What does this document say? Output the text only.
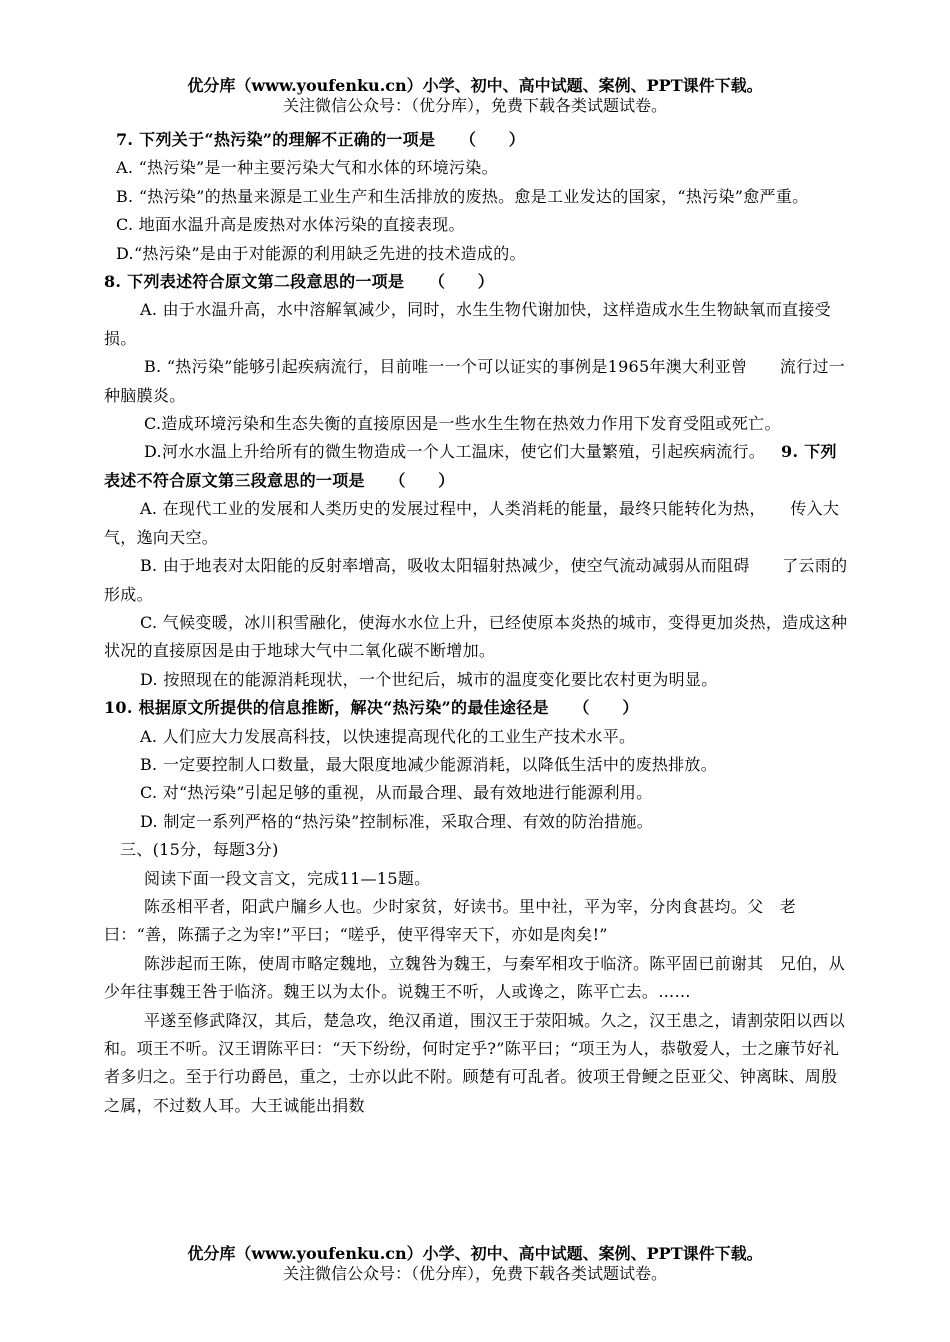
优分库（www.youfenku.cn）小学、初中、高中试题、案例、PPT课件下载。
关注微信公众号：（优分库），免费下载各类试题试卷。

7. 下列关于“热污染”的理解不正确的一项是　　（　　）

A. “热污染”是一种主要污染大气和水体的环境污染。

B. “热污染”的热量来源是工业生产和生活排放的废热。愈是工业发达的国家，“热污染”愈严重。

C. 地面水温升高是废热对水体污染的直接表现。

D.“热污染”是由于对能源的利用缺乏先进的技术造成的。

8. 下列表述符合原文第二段意思的一项是　　（　　）

A. 由于水温升高，水中溶解氧减少，同时，水生生物代谢加快，这样造成水生生物缺氧而直接受损。

B. “热污染”能够引起疾病流行，目前唯一一个可以证实的事例是1965年澳大利亚曾　　流行过一种脑膜炎。

C.造成环境污染和生态失衡的直接原因是一些水生生物在热效力作用下发育受阻或死亡。

D.河水水温上升给所有的微生物造成一个人工温床，使它们大量繁殖，引起疾病流行。 9. 下列表述不符合原文第三段意思的一项是　　（　　）

A. 在现代工业的发展和人类历史的发展过程中，人类消耗的能量，最终只能转化为热，　　传入大气，逸向天空。

B. 由于地表对太阳能的反射率增高，吸收太阳辐射热减少，使空气流动减弱从而阻碍　　了云雨的形成。

C. 气候变暖，冰川积雪融化，使海水水位上升，已经使原本炎热的城市，变得更加炎热，造成这种状况的直接原因是由于地球大气中二氧化碳不断增加。

D. 按照现在的能源消耗现状，一个世纪后，城市的温度变化要比农村更为明显。

10. 根据原文所提供的信息推断，解决“热污染”的最佳途径是　　（　　）

A. 人们应大力发展高科技，以快速提高现代化的工业生产技术水平。

B. 一定要控制人口数量，最大限度地减少能源消耗，以降低生活中的废热排放。

C. 对“热污染”引起足够的重视，从而最合理、最有效地进行能源利用。

D. 制定一系列严格的“热污染”控制标准，采取合理、有效的防治措施。

三、(15分，每题3分)

阅读下面一段文言文，完成11—15题。

陈丞相平者，阳武户牖乡人也。少时家贫，好读书。里中社，平为宰，分肉食甚均。父　老曰：“善，陈孺子之为宰!”平曰；“嗟乎，使平得宰天下，亦如是肉矣!”

陈涉起而王陈，使周市略定魏地，立魏咎为魏王，与秦军相攻于临济。陈平固已前谢其　兄伯，从少年往事魏王咎于临济。魏王以为太仆。说魏王不听，人或谗之，陈平亡去。……

平遂至修武降汉，其后，楚急攻，绝汉甬道，围汉王于荥阳城。久之，汉王患之，请割荥阳以西以和。项王不听。汉王谓陈平曰：“天下纷纷，何时定乎?”陈平曰；“项王为人，恭敬爱人，士之廉节好礼者多归之。至于行功爵邑，重之，士亦以此不附。顾楚有可乱者。彼项王骨鲠之臣亚父、钟离眜、周殷之属，不过数人耳。大王诚能出捐数

优分库（www.youfenku.cn）小学、初中、高中试题、案例、PPT课件下载。
关注微信公众号：（优分库），免费下载各类试题试卷。
